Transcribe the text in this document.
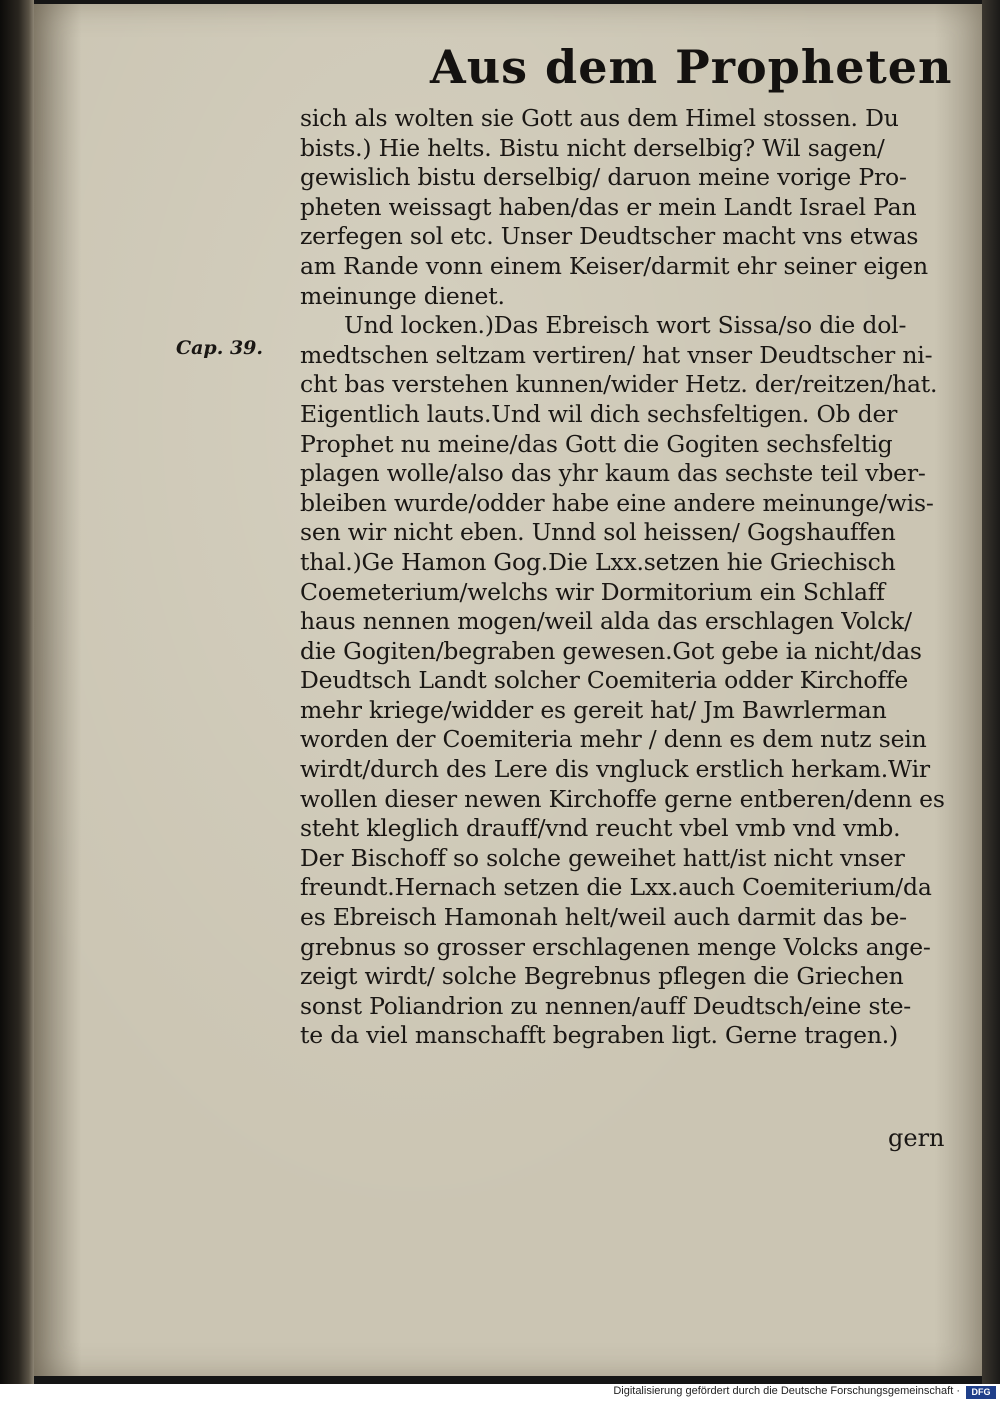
Aus dem Propheten
Cap. 39.
sich als wolten sie Gott aus dem Himel stossen. Du
bists.) Hie helts. Bistu nicht derselbig? Wil sagen/
gewislich bistu derselbig/ daruon meine vorige Pro-
pheten weissagt haben/das er mein Landt Israel Pan
zerfegen sol etc. Unser Deudtscher macht vns etwas
am Rande vonn einem Keiser/darmit ehr seiner eigen
meinunge dienet.
Und locken.)Das Ebreisch wort Sissa/so die dol-
medtschen seltzam vertiren/ hat vnser Deudtscher ni-
cht bas verstehen kunnen/wider Hetz. der/reitzen/hat.
Eigentlich lauts.Und wil dich sechsfeltigen. Ob der
Prophet nu meine/das Gott die Gogiten sechsfeltig
plagen wolle/also das yhr kaum das sechste teil vber-
bleiben wurde/odder habe eine andere meinunge/wis-
sen wir nicht eben. Unnd sol heissen/ Gogshauffen
thal.)Ge Hamon Gog.Die Lxx.setzen hie Griechisch
Coemeterium/welchs wir Dormitorium ein Schlaff
haus nennen mogen/weil alda das erschlagen Volck/
die Gogiten/begraben gewesen.Got gebe ia nicht/das
Deudtsch Landt solcher Coemiteria odder Kirchoffe
mehr kriege/widder es gereit hat/ Jm Bawrlerman
worden der Coemiteria mehr / denn es dem nutz sein
wirdt/durch des Lere dis vngluck erstlich herkam.Wir
wollen dieser newen Kirchoffe gerne entberen/denn es
steht kleglich drauff/vnd reucht vbel vmb vnd vmb.
Der Bischoff so solche geweihet hatt/ist nicht vnser
freundt.Hernach setzen die Lxx.auch Coemiterium/da
es Ebreisch Hamonah helt/weil auch darmit das be-
grebnus so grosser erschlagenen menge Volcks ange-
zeigt wirdt/ solche Begrebnus pflegen die Griechen
sonst Poliandrion zu nennen/auff Deudtsch/eine ste-
te da viel manschafft begraben ligt. Gerne tragen.)
gern
Digitalisierung gefördert durch die Deutsche Forschungsgemeinschaft ·	DFG
